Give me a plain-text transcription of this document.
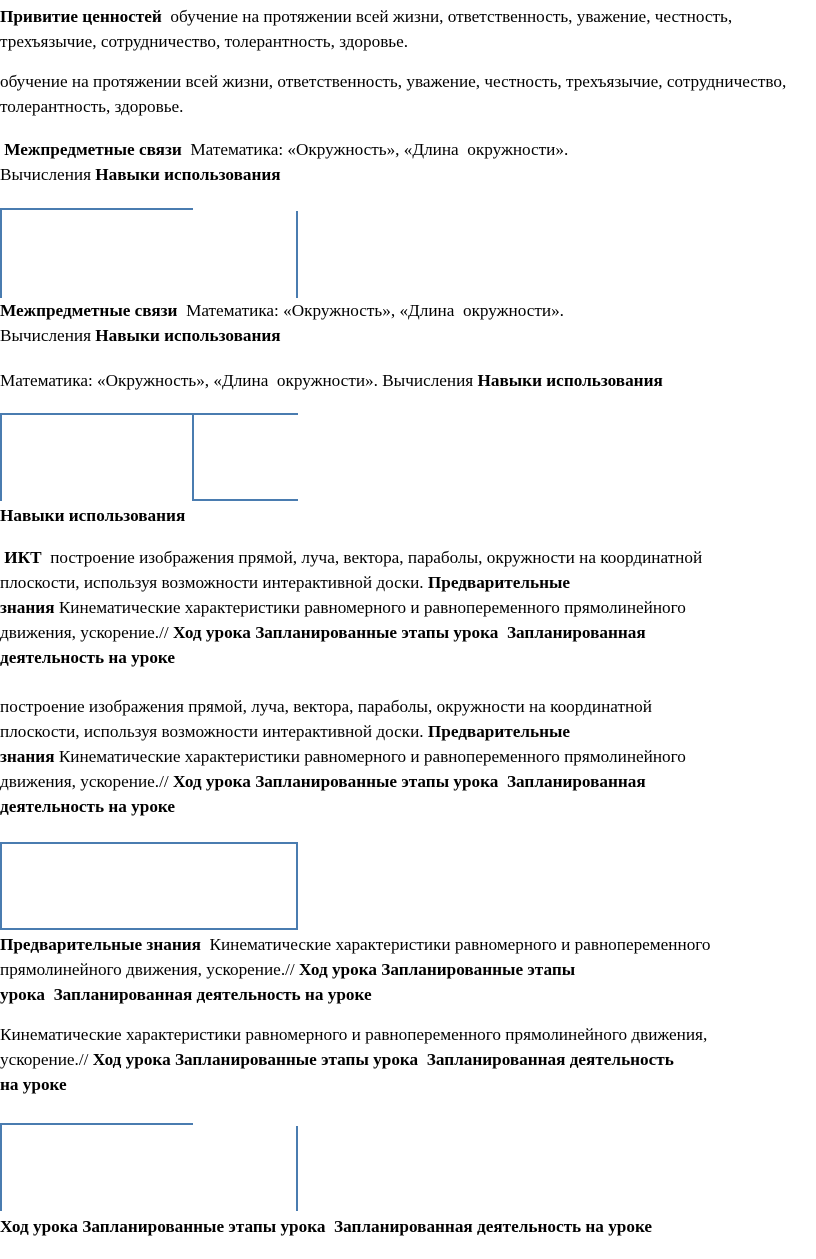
Привитие ценностей обучение на протяжении всей жизни, ответственность, уважение, честность, трехъязычие, сотрудничество, толерантность, здоровье.
обучение на протяжении всей жизни, ответственность, уважение, честность, трехъязычие, сотрудничество, толерантность, здоровье.
Межпредметные связи Математика: «Окружность», «Длина  окружности».
Вычисления Навыки использования
Межпредметные связи Математика: «Окружность», «Длина  окружности».
Вычисления Навыки использования
Математика: «Окружность», «Длина  окружности». Вычисления Навыки использования
Навыки использования
ИКТ построение изображения прямой, луча, вектора, параболы, окружности на координатной
плоскости, используя возможности интерактивной доски. Предварительные
знания Кинематические характеристики равномерного и равнопеременного прямолинейного
движения, ускорение.// Ход урока Запланированные этапы урока Запланированная
деятельность на уроке
построение изображения прямой, луча, вектора, параболы, окружности на координатной
плоскости, используя возможности интерактивной доски. Предварительные
знания Кинематические характеристики равномерного и равнопеременного прямолинейного
движения, ускорение.// Ход урока Запланированные этапы урока Запланированная
деятельность на уроке
Предварительные знания Кинематические характеристики равномерного и равнопеременного
прямолинейного движения, ускорение.// Ход урока Запланированные этапы
урока Запланированная деятельность на уроке
Кинематические характеристики равномерного и равнопеременного прямолинейного движения,
ускорение.// Ход урока Запланированные этапы урока Запланированная деятельность
на уроке
Ход урока Запланированные этапы урока Запланированная деятельность на уроке
